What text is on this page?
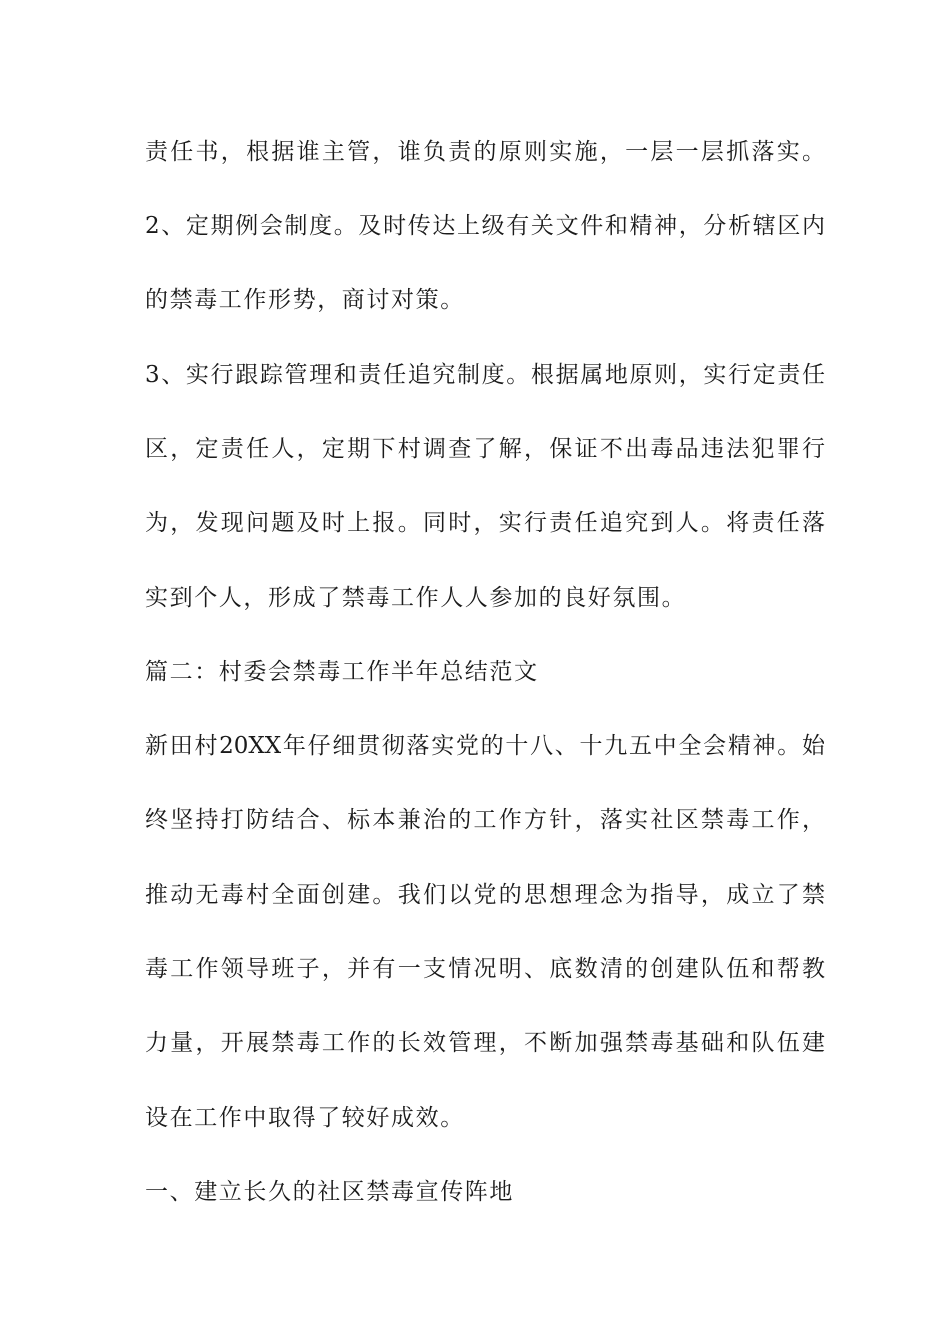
责任书，根据谁主管，谁负责的原则实施，一层一层抓落实。
2、定期例会制度。及时传达上级有关文件和精神，分析辖区内
的禁毒工作形势，商讨对策。
3、实行跟踪管理和责任追究制度。根据属地原则，实行定责任
区，定责任人，定期下村调查了解，保证不出毒品违法犯罪行
为，发现问题及时上报。同时，实行责任追究到人。将责任落
实到个人，形成了禁毒工作人人参加的良好氛围。
篇二：村委会禁毒工作半年总结范文
新田村20XX年仔细贯彻落实党的十八、十九五中全会精神。始
终坚持打防结合、标本兼治的工作方针，落实社区禁毒工作，
推动无毒村全面创建。我们以党的思想理念为指导，成立了禁
毒工作领导班子，并有一支情况明、底数清的创建队伍和帮教
力量，开展禁毒工作的长效管理，不断加强禁毒基础和队伍建
设在工作中取得了较好成效。
一、建立长久的社区禁毒宣传阵地
